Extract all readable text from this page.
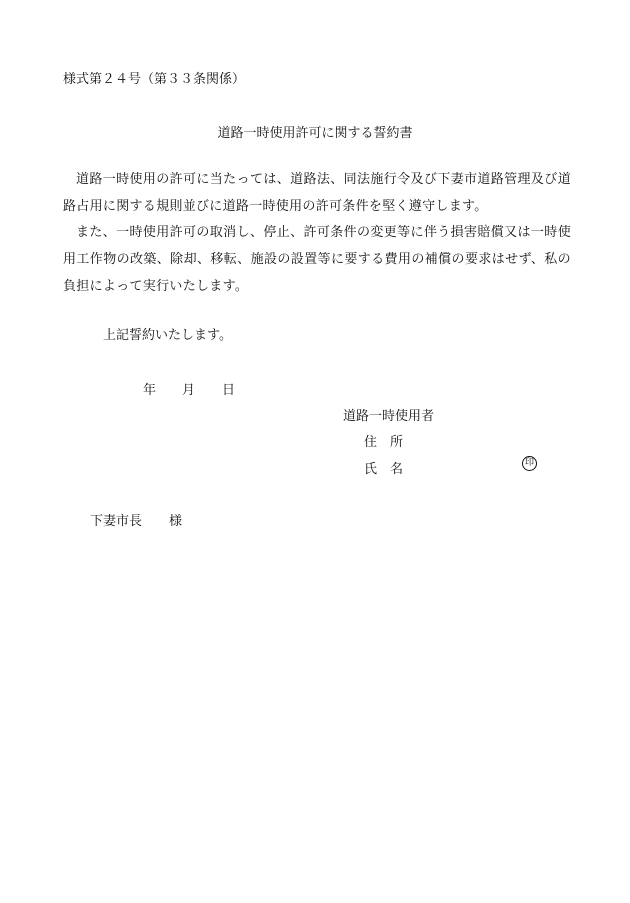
様式第２４号（第３３条関係）
道路一時使用許可に関する誓約書

道路一時使用の許可に当たっては、道路法、同法施行令及び下妻市道路管理及び道路占用に関する規則並びに道路一時使用の許可条件を堅く遵守します。

また、一時使用許可の取消し、停止、許可条件の変更等に伴う損害賠償又は一時使用工作物の改築、除却、移転、施設の設置等に要する費用の補償の要求はせず、私の負担によって実行いたします。

上記誓約いたします。
年 月 日
道路一時使用者
住　所
氏　名	印
下妻市長 様
